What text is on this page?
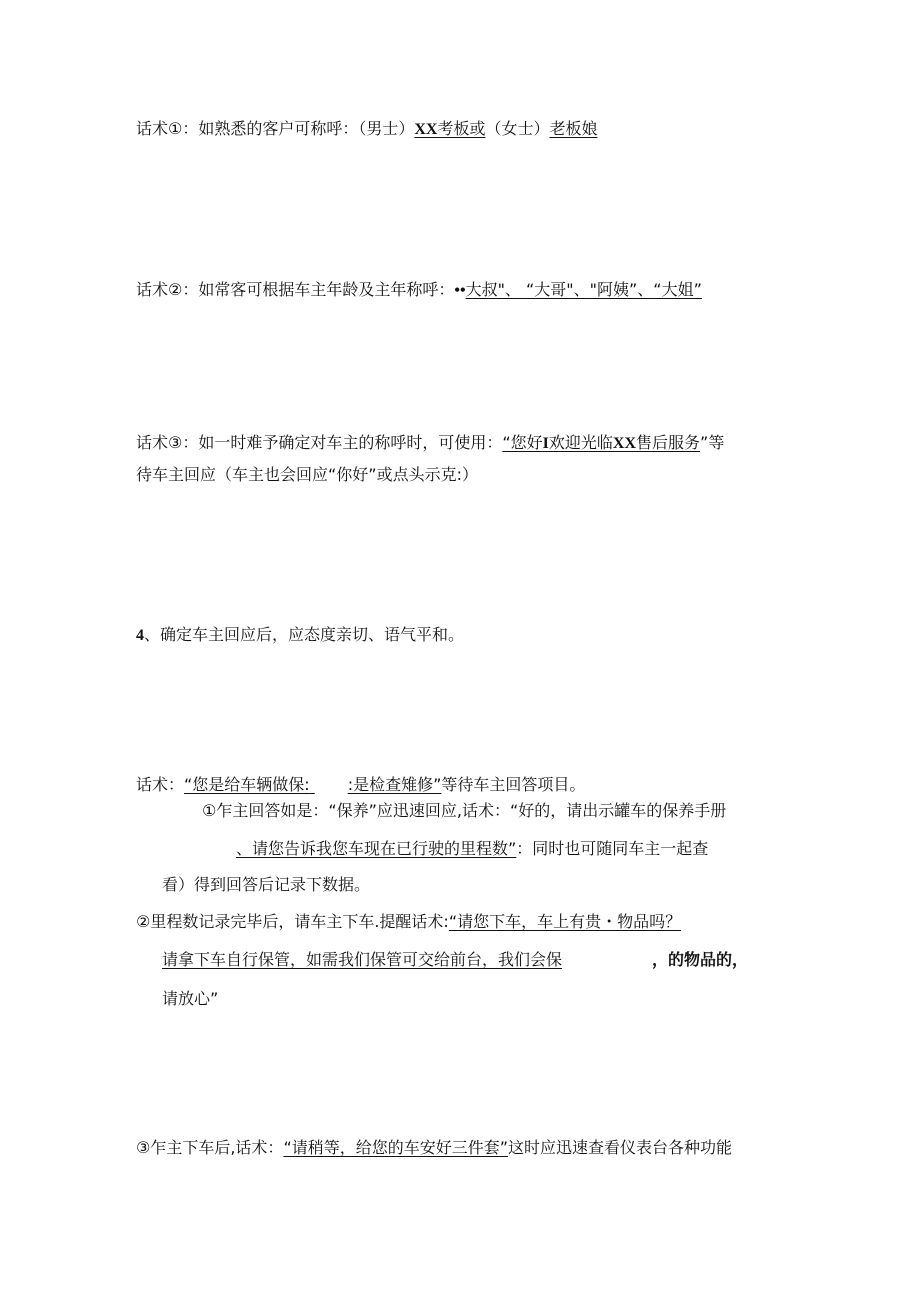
话术①：如熟悉的客户可称呼：（男士）XX考板或（女士）老板娘
话术②：如常客可根据车主年龄及主年称呼：••大叔"、 “大哥"、"阿姨”、“大姐”
话术③：如一时难予确定对车主的称呼时，可使用：“您好I欢迎光临XX售后服务”等
待车主回应（车主也会回应“你好”或点头示克:）
4、确定车主回应后，应态度亲切、语气平和。
话术：“您是给车辆做保: :是检查雉修”等待车主回答项目。
①乍主回答如是：“保养”应迅速回应,话术：“好的，请出示罐车的保养手册
、请您告诉我您车现在已行驶的里程数”：同时也可随同车主一起查
看）得到回答后记录下数据。
②里程数记录完毕后，请车主下车.提醒话术:“请您下车，车上有贵・物品吗？
请拿下车自行保管，如需我们保管可交给前台，我们会保	，的物品的，
请放心”
③乍主下车后,话术：“请稍等，给您的车安好三件套”这时应迅速查看仪表台各种功能
